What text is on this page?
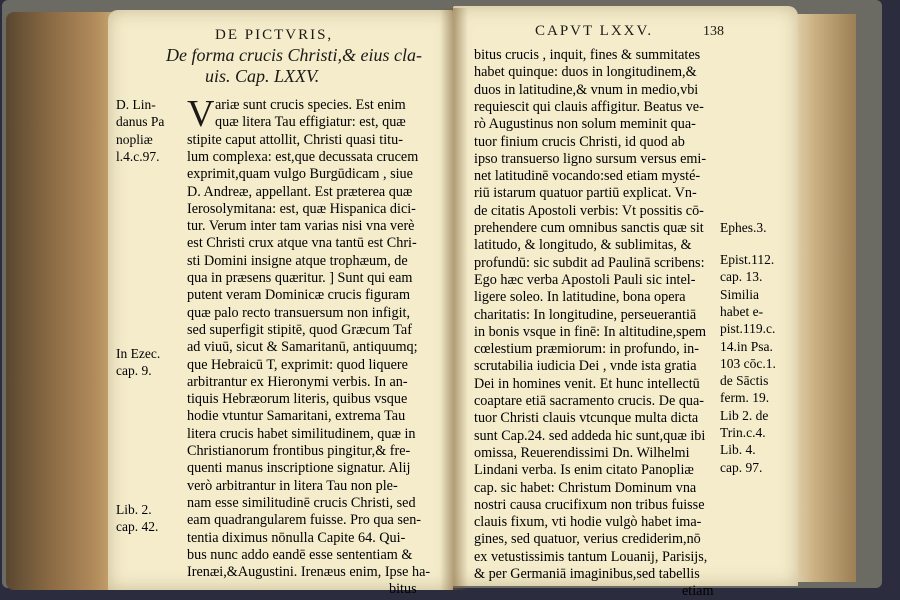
DE PICTVRIS,
De forma crucis Christi,& eius cla-
uis. Cap. LXXV.
V ariæ sunt crucis species. Est enim
quæ litera Tau effigiatur: est, quæ
stipite caput attollit, Christi quasi titu-
lum complexa: est,que decussata crucem
exprimit,quam vulgo Burgūdicam , siue
D. Andreæ, appellant. Est præterea quæ
Ierosolymitana: est, quæ Hispanica dici-
tur. Verum inter tam varias nisi vna verè
est Christi crux atque vna tantū est Chri-
sti Domini insigne atque trophæum, de
qua in præsens quæritur. ] Sunt qui eam
putent veram Dominicæ crucis figuram
quæ palo recto transuersum non infigit,
sed superfigit stipitē, quod Græcum Taf
ad viuū, sicut & Samaritanū, antiquumq;
que Hebraicū T, exprimit: quod liquere
arbitrantur ex Hieronymi verbis. In an-
tiquis Hebræorum literis, quibus vsque
hodie vtuntur Samaritani, extrema Tau
litera crucis habet similitudinem, quæ in
Christianorum frontibus pingitur,& fre-
quenti manus inscriptione signatur. Alij
verò arbitrantur in litera Tau non ple-
nam esse similitudinē crucis Christi, sed
eam quadrangularem fuisse. Pro qua sen-
tentia diximus nōnulla Capite 64. Qui-
bus nunc addo eandē esse sententiam &
Irenæi,&Augustini. Irenæus enim, Ipse ha-
bitus
D. Lin-
danus Pa
nopliæ
l.4.c.97.
In Ezec.
cap. 9.
Lib. 2.
cap. 42.
CAPVT LXXV.	138
bitus crucis , inquit, fines & summitates
habet quinque: duos in longitudinem,&
duos in latitudine,& vnum in medio,vbi
requiescit qui clauis affigitur. Beatus ve-
rò Augustinus non solum meminit qua-
tuor finium crucis Christi, id quod ab
ipso transuerso ligno sursum versus emi-
net latitudinē vocando:sed etiam mysté-
riū istarum quatuor partiū explicat. Vn-
de citatis Apostoli verbis: Vt possitis cō-
prehendere cum omnibus sanctis quæ sit
latitudo, & longitudo, & sublimitas, &
profundū: sic subdit ad Paulinā scribens:
Ego hæc verba Apostoli Pauli sic intel-
ligere soleo. In latitudine, bona opera
charitatis: In longitudine, perseuerantiā
in bonis vsque in finē: In altitudine,spem
cœlestium præmiorum: in profundo, in-
scrutabilia iudicia Dei , vnde ista gratia
Dei in homines venit. Et hunc intellectū
coaptare etiā sacramento crucis. De qua-
tuor Christi clauis vtcunque multa dicta
sunt Cap.24. sed addeda hic sunt,quæ ibi
omissa, Reuerendissimi Dn. Wilhelmi
Lindani verba. Is enim citato Panopliæ
cap. sic habet: Christum Dominum vna
nostri causa crucifixum non tribus fuisse
clauis fixum, vti hodie vulgò habet ima-
gines, sed quatuor, verius crediderim,nō
ex vetustissimis tantum Louanij, Parisijs,
& per Germaniā imaginibus,sed tabellis
etiam
Ephes.3.
Epist.112.
cap. 13.
Similia
habet e-
pist.119.c.
14.in Psa.
103 cōc.1.
de Sāctis
ferm. 19.
Lib 2. de
Trin.c.4.
Lib. 4.
cap. 97.
